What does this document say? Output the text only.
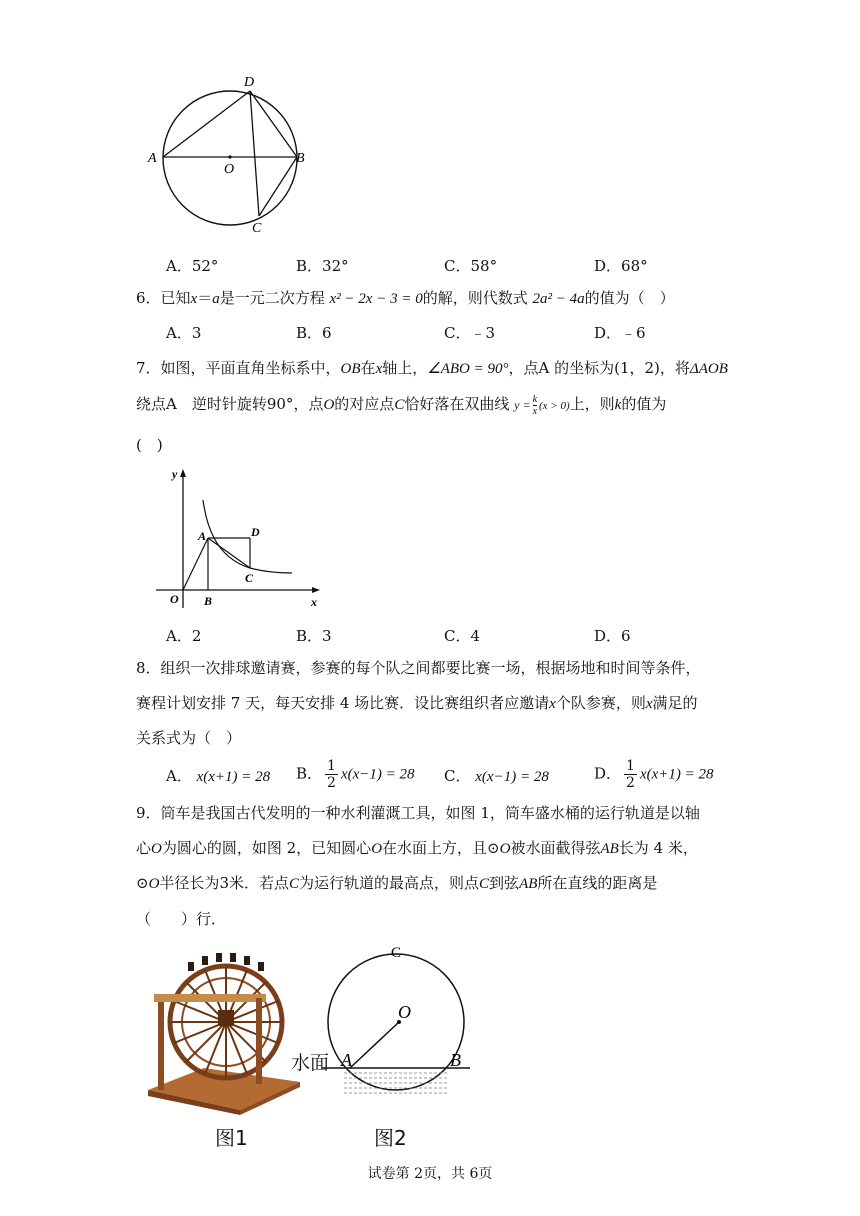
D
A	B
O
C
A．52°	B．32°	C．58°	D．68°
6．已知x＝a是一元二次方程 x² − 2x − 3 = 0的解，则代数式 2a² − 4a的值为（　）
A．3	B．6	C．﹣3	D．﹣6
7．如图，平面直角坐标系中，OB在x轴上，∠ABO = 90°，点A 的坐标为(1，2)，将ΔAOB
绕点A　逆时针旋转90°，点O的对应点C恰好落在双曲线 $y = \frac{k}{x} (x > 0)$上，则k的值为
(　)
y
A	D
C
O B	x
A．2	B．3	C．4	D．6
8．组织一次排球邀请赛，参赛的每个队之间都要比赛一场，根据场地和时间等条件，
赛程计划安排 7 天，每天安排 4 场比赛．设比赛组织者应邀请x个队参赛，则x满足的
关系式为（　）
A． x(x+1) = 28 B． $\frac{1}{2} x(x-1) = 28$ C． x(x−1) = 28	D． $\frac{1}{2} x(x+1) = 28$
9．筒车是我国古代发明的一种水利灌溉工具，如图 1，筒车盛水桶的运行轨道是以轴
心O为圆心的圆，如图 2，已知圆心O在水面上方，且⊙O被水面截得弦AB长为 4 米，
⊙O半径长为3米．若点C为运行轨道的最高点，则点C到弦AB所在直线的距离是
（　　）行．
C
O
A	B
水面
图1	图2
试卷第 2页，共 6页
